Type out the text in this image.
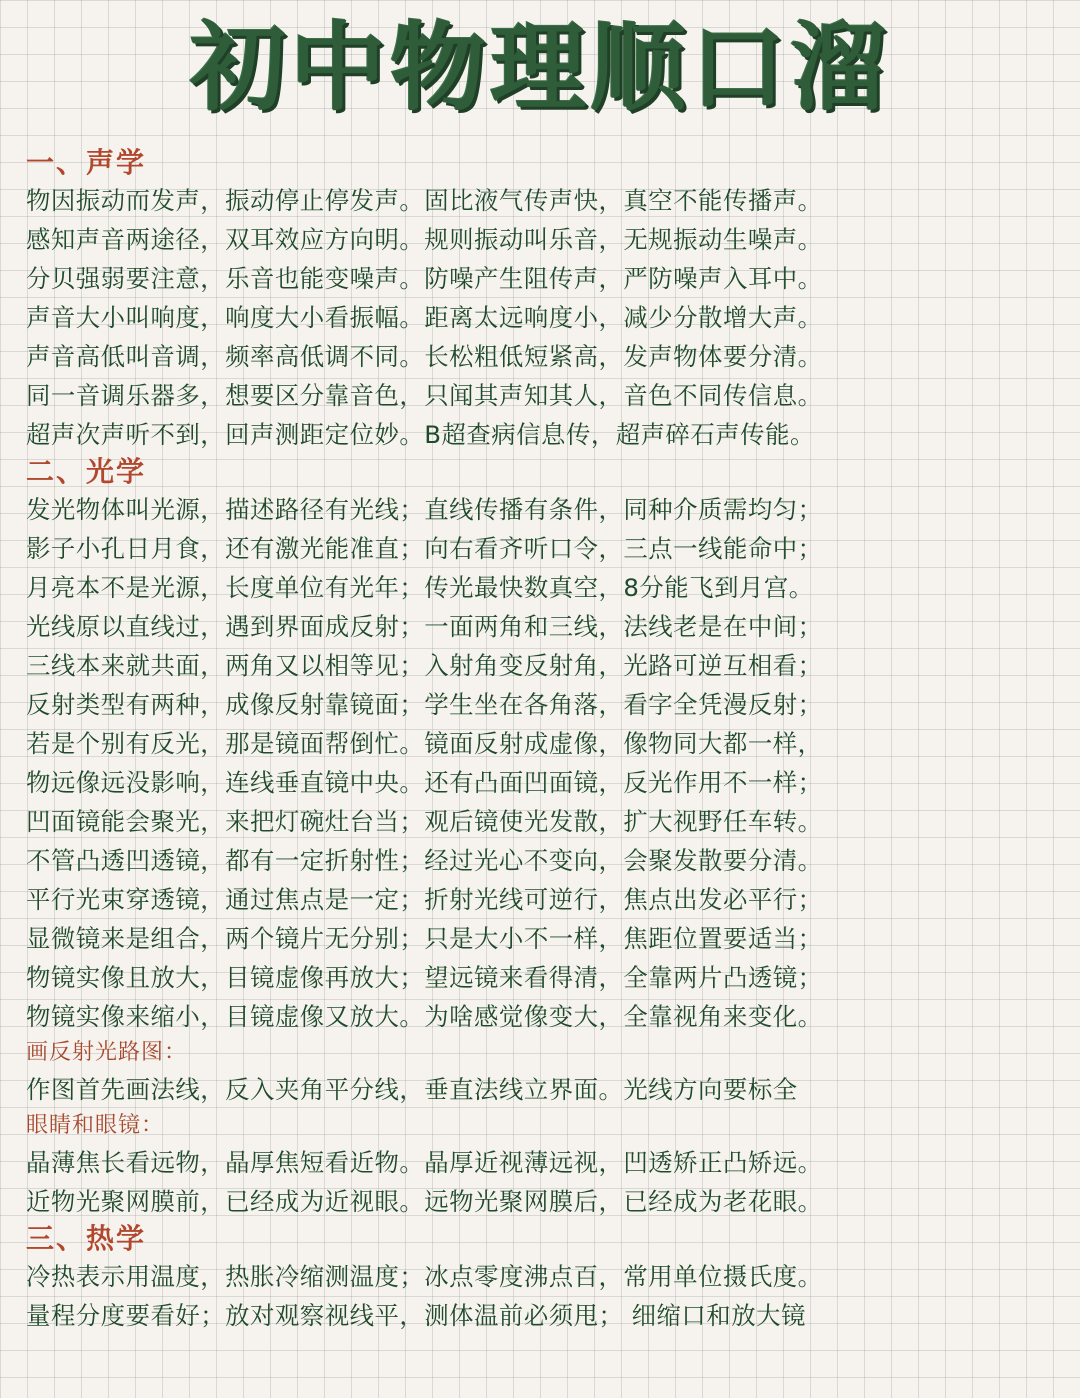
初中物理顺口溜
一、声学
物因振动而发声，振动停止停发声。固比液气传声快，真空不能传播声。
感知声音两途径，双耳效应方向明。规则振动叫乐音，无规振动生噪声。
分贝强弱要注意，乐音也能变噪声。防噪产生阻传声，严防噪声入耳中。
声音大小叫响度，响度大小看振幅。距离太远响度小，减少分散增大声。
声音高低叫音调，频率高低调不同。长松粗低短紧高，发声物体要分清。
同一音调乐器多，想要区分靠音色，只闻其声知其人，音色不同传信息。
超声次声听不到，回声测距定位妙。B超查病信息传，超声碎石声传能。
二、光学
发光物体叫光源，描述路径有光线；直线传播有条件，同种介质需均匀；
影子小孔日月食，还有激光能准直；向右看齐听口令，三点一线能命中；
月亮本不是光源，长度单位有光年；传光最快数真空，8分能飞到月宫。
光线原以直线过，遇到界面成反射；一面两角和三线，法线老是在中间；
三线本来就共面，两角又以相等见；入射角变反射角，光路可逆互相看；
反射类型有两种，成像反射靠镜面；学生坐在各角落，看字全凭漫反射；
若是个别有反光，那是镜面帮倒忙。镜面反射成虚像，像物同大都一样，
物远像远没影响，连线垂直镜中央。还有凸面凹面镜，反光作用不一样；
凹面镜能会聚光，来把灯碗灶台当；观后镜使光发散，扩大视野任车转。
不管凸透凹透镜，都有一定折射性；经过光心不变向，会聚发散要分清。
平行光束穿透镜，通过焦点是一定；折射光线可逆行，焦点出发必平行；
显微镜来是组合，两个镜片无分别；只是大小不一样，焦距位置要适当；
物镜实像且放大，目镜虚像再放大；望远镜来看得清，全靠两片凸透镜；
物镜实像来缩小，目镜虚像又放大。为啥感觉像变大，全靠视角来变化。
画反射光路图：
作图首先画法线，反入夹角平分线，垂直法线立界面。光线方向要标全
眼睛和眼镜：
晶薄焦长看远物，晶厚焦短看近物。晶厚近视薄远视，凹透矫正凸矫远。
近物光聚网膜前，已经成为近视眼。远物光聚网膜后，已经成为老花眼。
三、热学
冷热表示用温度，热胀冷缩测温度；冰点零度沸点百，常用单位摄氏度。
量程分度要看好；放对观察视线平，测体温前必须甩； 细缩口和放大镜
